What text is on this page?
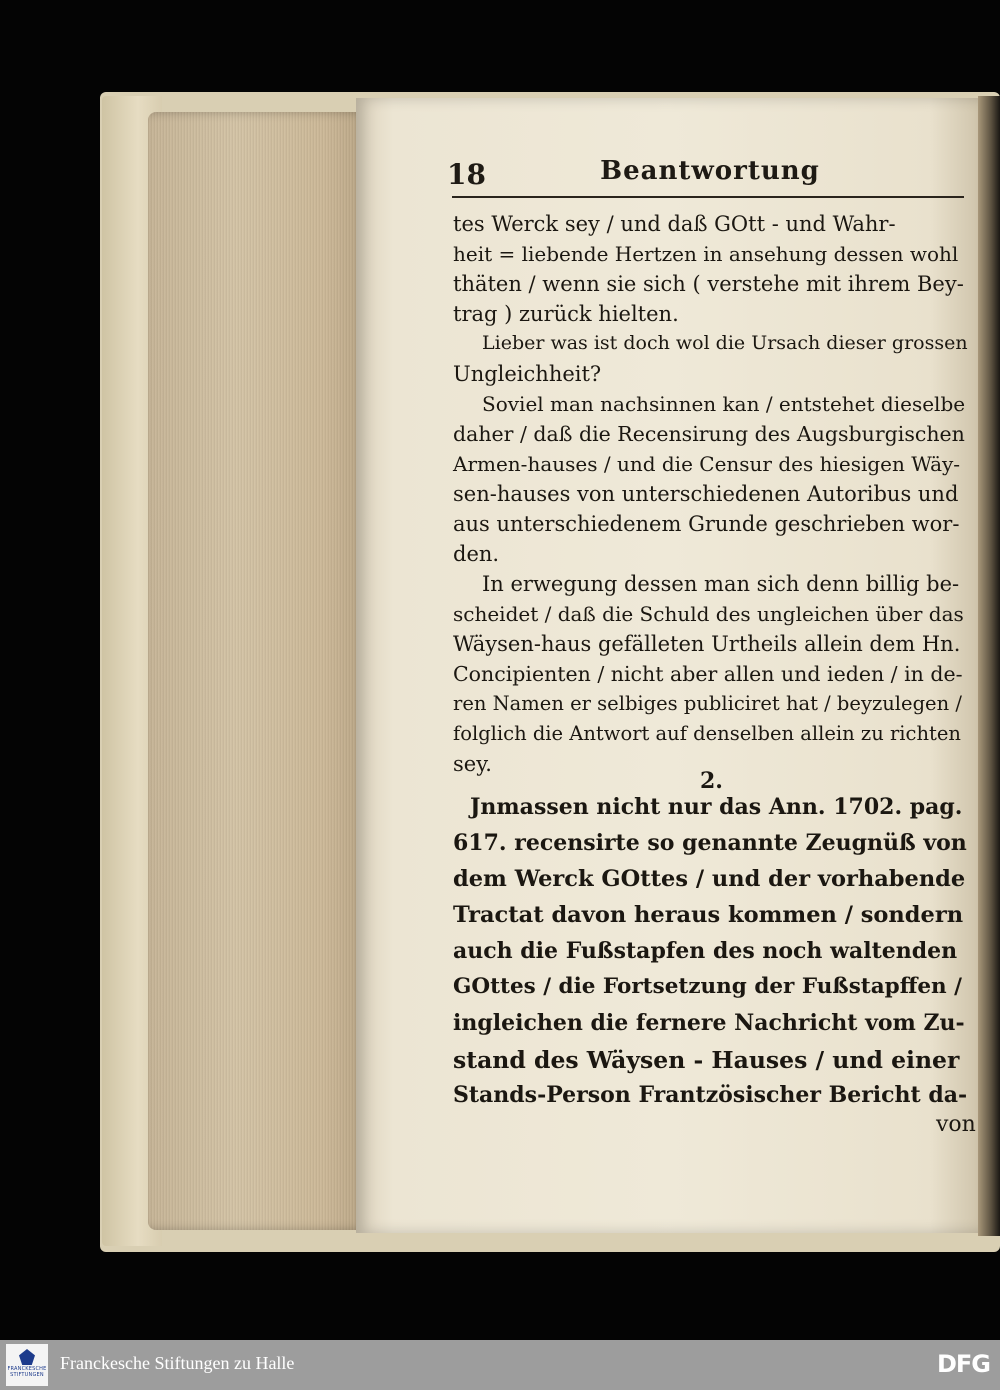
18	Beantwortung
tes Werck sey / und daß GOtt - und Wahr-
heit = liebende Hertzen in ansehung dessen wohl
thäten / wenn sie sich ( verstehe mit ihrem Bey-
trag ) zurück hielten.
Lieber was ist doch wol die Ursach dieser grossen
Ungleichheit?
Soviel man nachsinnen kan / entstehet dieselbe
daher / daß die Recensirung des Augsburgischen
Armen-hauses / und die Censur des hiesigen Wäy-
sen-hauses von unterschiedenen Autoribus und
aus unterschiedenem Grunde geschrieben wor-
den.
In erwegung dessen man sich denn billig be-
scheidet / daß die Schuld des ungleichen über das
Wäysen-haus gefälleten Urtheils allein dem Hn.
Concipienten / nicht aber allen und ieden / in de-
ren Namen er selbiges publiciret hat / beyzulegen /
folglich die Antwort auf denselben allein zu richten
sey.
2.
Jnmassen nicht nur das Ann. 1702. pag.
617. recensirte so genannte Zeugnüß von
dem Werck GOttes / und der vorhabende
Tractat davon heraus kommen / sondern
auch die Fußstapfen des noch waltenden
GOttes / die Fortsetzung der Fußstapffen /
ingleichen die fernere Nachricht vom Zu-
stand des Wäysen - Hauses / und einer
Stands-Person Frantzösischer Bericht da-
von
FRANCKESCHE
STIFTUNGEN
Franckesche Stiftungen zu Halle	DFG
